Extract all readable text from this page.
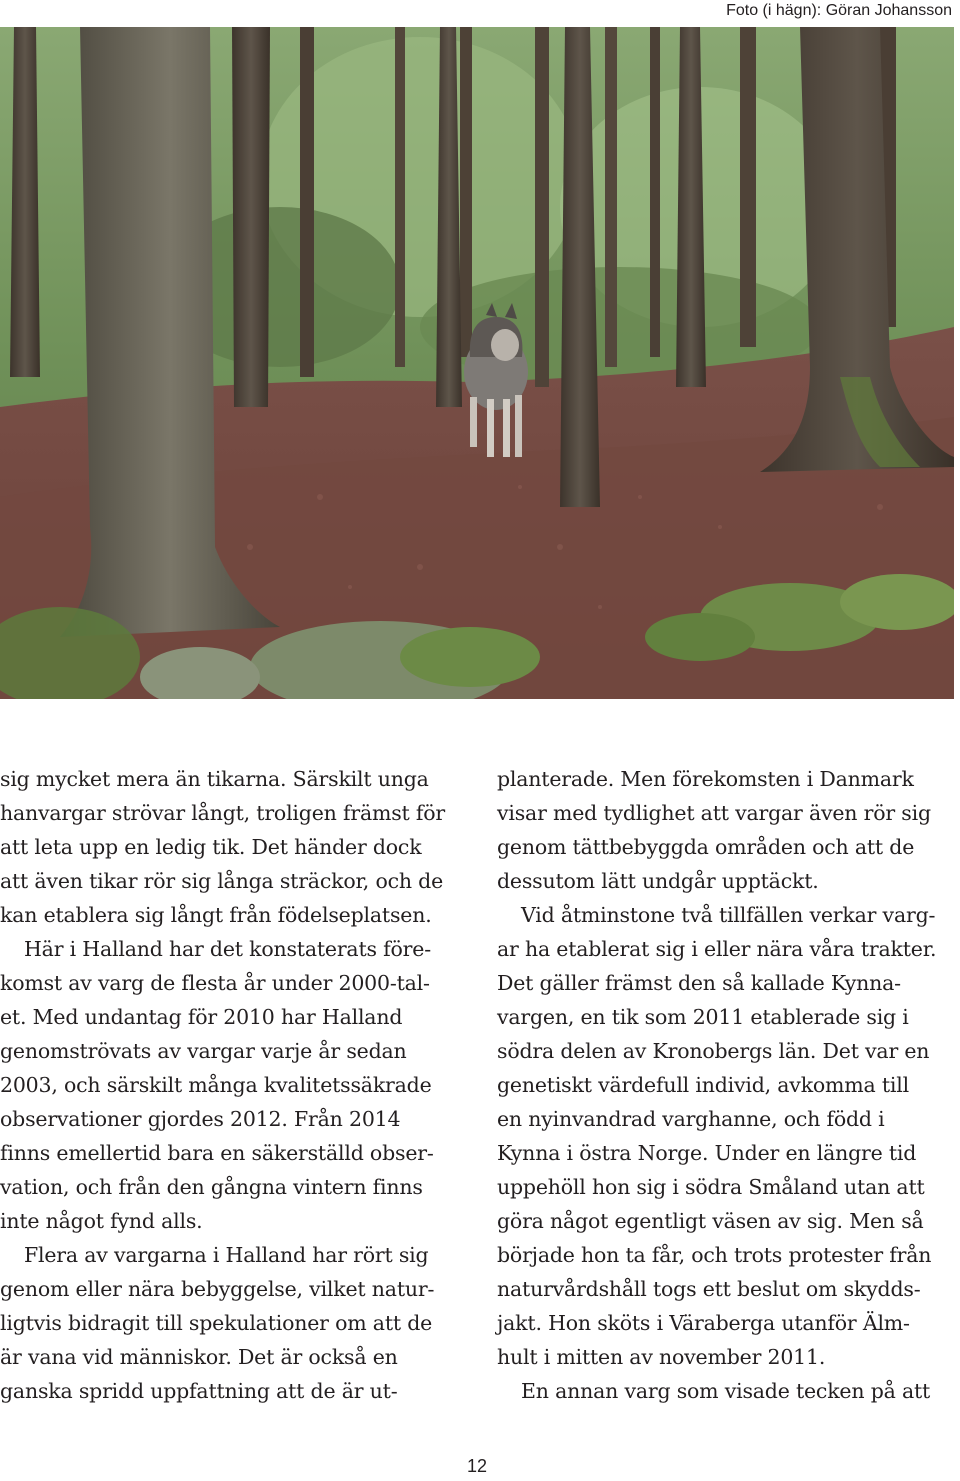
Foto (i hägn): Göran Johansson

sig mycket mera än tikarna. Särskilt unga
hanvargar strövar långt, troligen främst för
att leta upp en ledig tik. Det händer dock
att även tikar rör sig långa sträckor, och de
kan etablera sig långt från födelseplatsen.

Här i Halland har det konstaterats före-
komst av varg de flesta år under 2000-tal-
et. Med undantag för 2010 har Halland
genomströvats av vargar varje år sedan
2003, och särskilt många kvalitetssäkrade
observationer gjordes 2012. Från 2014
finns emellertid bara en säkerställd obser-
vation, och från den gångna vintern finns
inte något fynd alls.

Flera av vargarna i Halland har rört sig
genom eller nära bebyggelse, vilket natur-
ligtvis bidragit till spekulationer om att de
är vana vid människor. Det är också en
ganska spridd uppfattning att de är ut-

planterade. Men förekomsten i Danmark
visar med tydlighet att vargar även rör sig
genom tättbebyggda områden och att de
dessutom lätt undgår upptäckt.

Vid åtminstone två tillfällen verkar varg-
ar ha etablerat sig i eller nära våra trakter.
Det gäller främst den så kallade Kynna-
vargen, en tik som 2011 etablerade sig i
södra delen av Kronobergs län. Det var en
genetiskt värdefull individ, avkomma till
en nyinvandrad varghanne, och född i
Kynna i östra Norge. Under en längre tid
uppehöll hon sig i södra Småland utan att
göra något egentligt väsen av sig. Men så
började hon ta får, och trots protester från
naturvårdshåll togs ett beslut om skydds-
jakt. Hon sköts i Väraberga utanför Älm-
hult i mitten av november 2011.

En annan varg som visade tecken på att

12
